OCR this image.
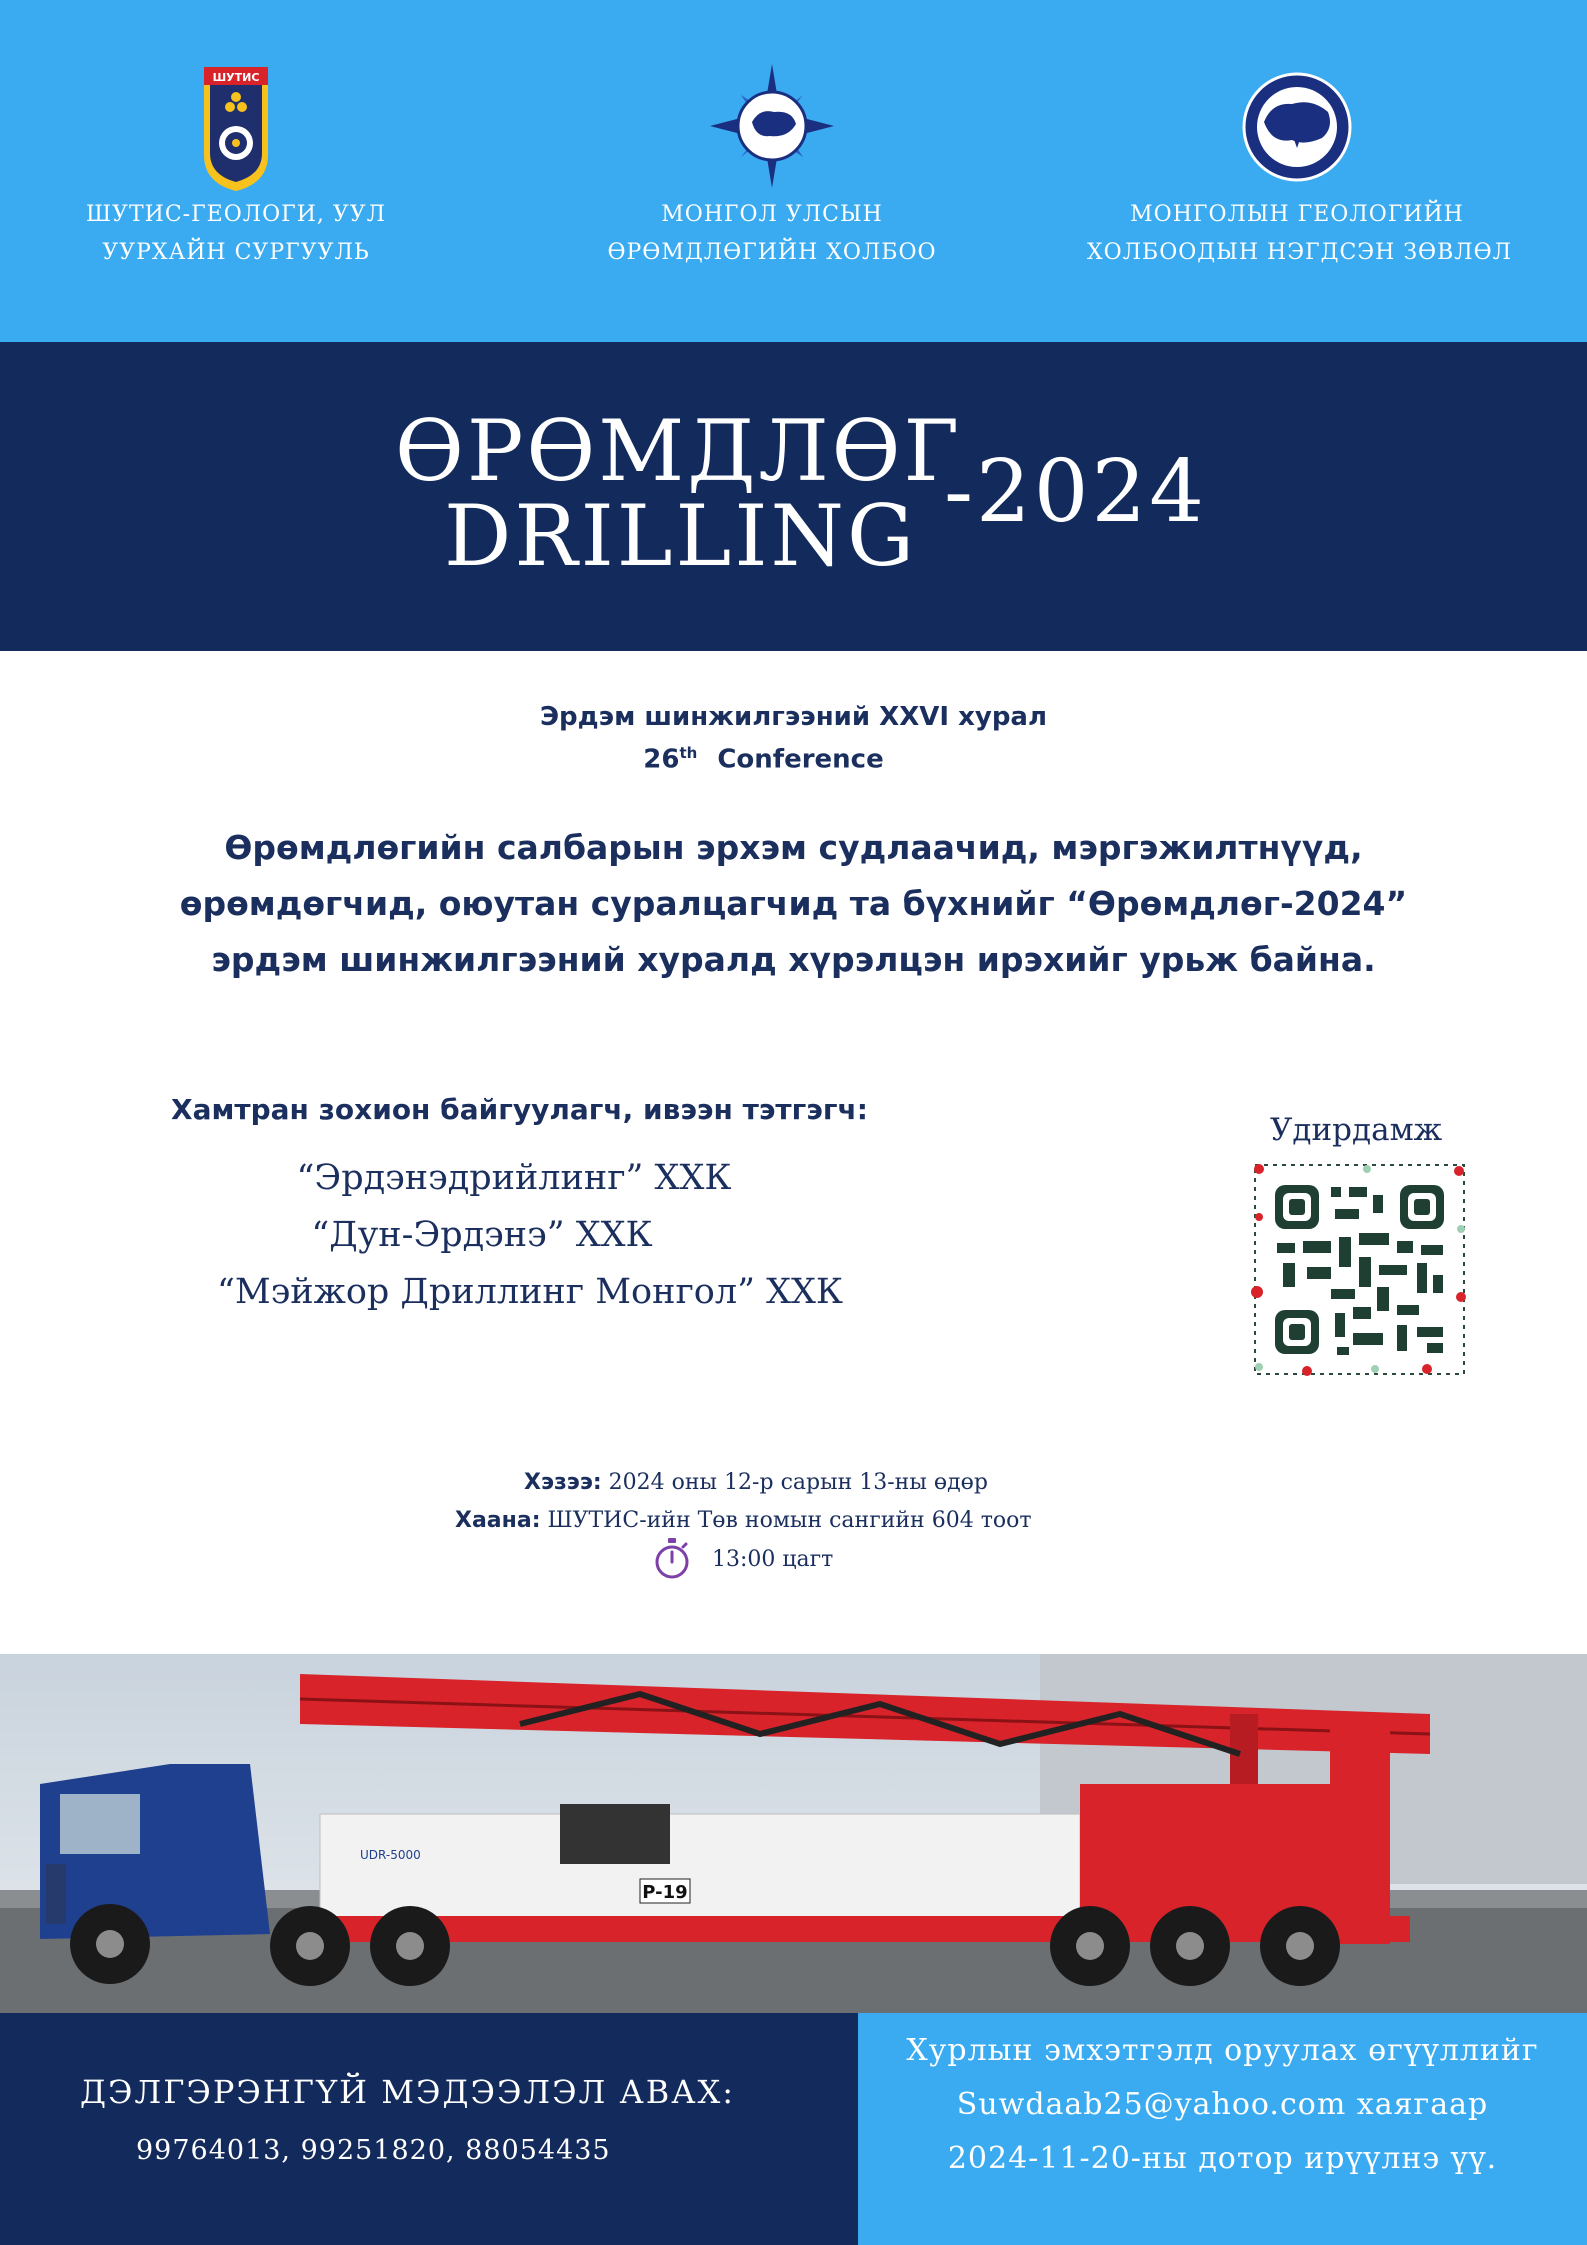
ШУТИС
ШУТИС-ГЕОЛОГИ, УУЛ
УУРХАЙН СУРГУУЛЬ
МОНГОЛ УЛСЫН
ӨРӨМДЛӨГИЙН ХОЛБОО
МОНГОЛЫН ГЕОЛОГИЙН
ХОЛБООДЫН НЭГДСЭН ЗӨВЛӨЛ
ӨРӨМДЛӨГ
DRILLING -2024
Эрдэм шинжилгээний XXVI хурал
26th Conference
Өрөмдлөгийн салбарын эрхэм судлаачид, мэргэжилтнүүд,
өрөмдөгчид, оюутан суралцагчид та бүхнийг “Өрөмдлөг-2024”
эрдэм шинжилгээний хуралд хүрэлцэн ирэхийг урьж байна.
Хамтран зохион байгуулагч, ивээн тэтгэгч:
“Эрдэнэдрийлинг” ХХК
“Дун-Эрдэнэ” ХХК
“Мэйжор Дриллинг Монгол” ХХК
Удирдамж
Хэзээ: 2024 оны 12-р сарын 13-ны өдөр
Хаана: ШУТИС-ийн Төв номын сангийн 604 тоот
13:00 цагт
P-19
UDR-5000
ДЭЛГЭРЭНГҮЙ МЭДЭЭЛЭЛ АВАХ:
99764013, 99251820, 88054435
Хурлын эмхэтгэлд оруулах өгүүллийг
Suwdaab25@yahoo.com хаягаар
2024-11-20-ны дотор ирүүлнэ үү.
